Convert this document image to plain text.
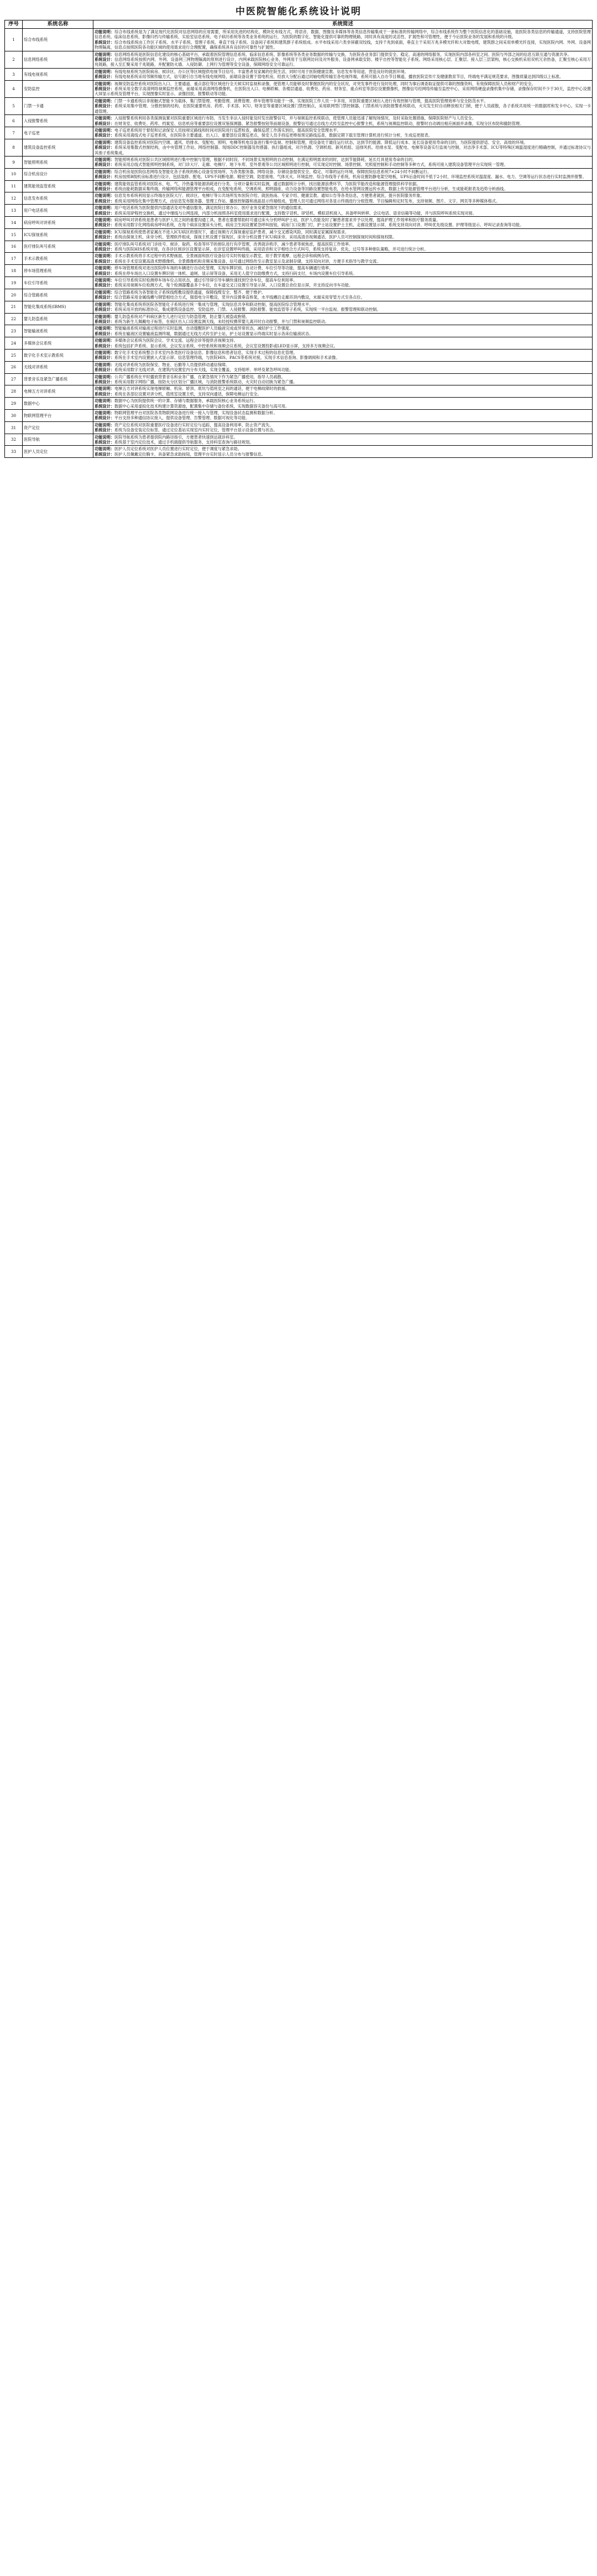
中医院智能化系统设计说明
序号	系统名称	系统简述
1	综合布线系统	功能说明：综合布线系统是为了满足现代化医院对信息网络的应用需要，所采用先进的结构化、模块化布线方式，将语音、数据、图像及多媒体等各类信息传输集成于一套标准的传输网络中，综合布线系统作为整个医院信息化的基础设施，是医院各类信息的传输通道，支持医院管理信息系统、临床信息系统、影像归档与传输系统、实验室信息系统、电子病历系统等各类业务系统的运行，为医院的数字化、智能化提供可靠的物理链路，同时具有高度的灵活性、扩展性和可管理性，便于今后医院业务的发展和系统的升级。
系统设计：综合布线系统由工作区子系统、水平子系统、管理子系统、垂直干线子系统、设备间子系统和建筑群子系统组成。水平布线采用六类非屏蔽双绞线，支持千兆到桌面，垂直主干采用万兆多模光纤和大对数电缆，建筑群之间采用单模光纤连接，实现医院内网、外网、设备网物理隔离，信息点按照医院各功能区域的使用需求进行合理配置，确保系统具有良好的可靠性与扩展性。

2	信息网络系统	功能说明：信息网络系统是医院信息化建设的核心基础平台，承载着医院管理信息系统、临床信息系统、影像系统等各类业务数据的传输与交换，为医院各业务部门提供安全、稳定、高速的网络服务，实现医院内部各科室之间、医院与外部之间的信息互联互通与资源共享。
系统设计：信息网络系统按照内网、外网、设备网三网物理隔离的原则进行设计，内网承载医院核心业务，外网用于互联网访问及对外服务，设备网承载安防、楼宇自控等智能化子系统。网络采用核心层、汇聚层、接入层三层架构，核心交换机采用双机冗余热备，汇聚至核心采用万兆链路，接入至汇聚采用千兆链路，并配置防火墙、入侵防御、上网行为管理等安全设备，保障网络安全可靠运行。

3	有线电视系统	功能说明：有线电视系统为医院病房、候诊区、办公区等区域提供电视节目信号，丰富患者及家属的住院生活，同时可用于医院健康宣教、信息发布等用途，营造良好的就医环境。
系统设计：有线电视系统采用邻频传输方式，信号源引自当地有线电视网络，前端设备设置于弱电机房，经放大分配后通过同轴电缆传输至各电视终端，系统可插入自办节目频道，播放医院宣传片及健康教育节目，终端电平满足规范要求，图像质量达到四级以上标准。

4	安防监控	功能说明：视频安防监控系统对医院出入口、主要通道、重点部位等区域进行全天候实时监视和录像，使管理人员能够及时掌握医院内的安全状况，对突发事件进行及时处理，同时为事后调查取证提供可靠的图像资料，有效保障医院人员和财产的安全。
系统设计：系统采用全数字高清网络视频监控系统，前端采用高清网络摄像机，在医院出入口、电梯轿厢、各楼层通道、收费处、药房、财务室、重点科室等部位设置摄像机，图像信号经网络传输至监控中心，采用网络硬盘录像机集中存储，录像保存时间不少于30天，监控中心设置大屏显示系统及管理平台，实现图像实时显示、录像回放、报警联动等功能。

5	门禁一卡通	功能说明：门禁一卡通系统以非接触式智能卡为载体，集门禁管理、考勤管理、消费管理、停车管理等功能于一体，实现医院工作人员一卡多用，对医院重要区域出入进行有效控制与管理，提高医院管理效率与安全防范水平。
系统设计：系统采用集中管理、分散控制的结构，在医院重要机房、药库、手术部、ICU、财务室等重要区域设置门禁控制点，采用联网型门禁控制器，门禁系统与消防报警系统联动，火灾发生时自动释放相关门锁，便于人员疏散，各子系统共用统一的数据库和发卡中心，实现一卡通管理。

6	入侵报警系统	功能说明：入侵报警系统利用各类探测装置对医院重要区域进行布防，当发生非法入侵时能及时发出报警信号，并与视频监控系统联动，使管理人员能迅速了解现场情况，及时采取处置措施，保障医院财产与人员安全。
系统设计：在财务室、收费处、药库、档案室、信息机房等重要部位设置双鉴探测器、紧急报警按钮等前端设备，报警信号通过总线方式传至监控中心报警主机，系统与视频监控联动，报警时自动调出相应画面并录像，实现分区布防和撤防管理。

7	电子巡更	功能说明：电子巡更系统用于督促和记录保安人员按规定路线和时间对医院进行巡逻检查，确保巡逻工作落实到位，提高医院安全管理水平。
系统设计：系统采用离线式电子巡更系统，在医院各主要通道、出入口、重要部位设置巡更点，保安人员手持巡更棒按预定路线巡查，数据定期下载至管理计算机进行统计分析，生成巡更报表。

8	建筑设备监控系统	功能说明：建筑设备监控系统对医院内空调、通风、给排水、变配电、照明、电梯等机电设备进行集中监视、控制和管理，使设备处于最佳运行状态，达到节约能源、降低运行成本、延长设备使用寿命的目的，为医院提供舒适、安全、高效的环境。
系统设计：系统采用集散式控制结构，由中央管理工作站、网络控制器、现场DDC控制器及传感器、执行器组成，对冷热源、空调机组、新风机组、送排风机、给排水泵、变配电、电梯等设备实行监视与控制，对洁净手术部、ICU等特殊区域温湿度进行精确控制，并通过标准协议与其他子系统集成。

9	智能照明系统	功能说明：智能照明系统对医院公共区域照明进行集中控制与管理，根据不同时段、不同场景实现照明的自动控制，在满足照明需求的同时，达到节能降耗、延长灯具使用寿命的目的。
系统设计：系统采用总线式智能照明控制系统，对门诊大厅、走廊、电梯厅、地下车库、室外景观等公共区域照明进行控制，可实现定时控制、场景控制、光照度控制和手动控制等多种方式，系统可接入建筑设备管理平台实现统一管理。

10	综合机房设计	功能说明：综合机房是医院信息网络及智能化各子系统的核心设备安放场所，为各类服务器、网络设备、存储设备提供安全、稳定、可靠的运行环境，保障医院信息系统7×24小时不间断运行。
系统设计：机房按照B级机房标准进行设计，包括装修、配电、UPS不间断电源、精密空调、防雷接地、气体灭火、环境监控、综合布线等子系统，机房设置防静电架空地板，UPS后备时间不低于2小时，环境监控系统对温湿度、漏水、电力、空调等运行状态进行实时监测并报警。

11	建筑能效监管系统	功能说明：建筑能效监管系统对医院水、电、气、冷热量等能源消耗进行分类、分项计量和实时监测，通过数据统计分析，找出能源浪费环节，为医院节能改造和能源管理提供科学依据。
系统设计：系统由能耗数据采集终端、传输网络和能源管理平台组成，在变配电系统、空调系统、照明插座、动力设备等回路设置智能电表，在给水管网设置远传水表，数据上传至能源管理平台进行分析，生成能耗报表及趋势分析曲线。

12	信息发布系统	功能说明：信息发布系统利用显示终端在医院大厅、候诊区、电梯厅等公共场所发布医院介绍、就医指南、专家介绍、健康宣教、通知公告等各类信息，方便患者就医，提升医院服务形象。
系统设计：系统采用网络化集中管理方式，由信息发布服务器、管理工作站、播放控制器和液晶显示终端组成，管理人员可通过网络对各显示终端进行分组管理、节目编辑和定时发布，支持视频、图片、文字、网页等多种媒体格式。

13	用户电话系统	功能说明：用户电话系统为医院提供内部通话及对外通信服务，满足医院日常办公、医疗业务及紧急情况下的通信需求。
系统设计：系统采用IP程控交换机，通过中继线与公网连接，内部分机按照各科室使用需求进行配置，支持数字话机、IP话机、模拟话机接入，具备呼叫转移、会议电话、语音信箱等功能，并与医院呼叫系统实现对接。

14	病房呼叫对讲系统	功能说明：病房呼叫对讲系统是患者与医护人员之间的重要沟通工具，患者在需要帮助时可通过床头分机呼叫护士站，医护人员能及时了解患者需求并予以处理，提高护理工作效率和医疗服务质量。
系统设计：系统采用数字化网络病房呼叫系统，在每个病床设置床头分机，病房卫生间设置紧急呼叫按钮，病房门口设置门灯，护士站设置护士主机，走廊设置显示屏，系统支持双向对讲、呼叫优先级设置、护理等级显示、呼叫记录查询等功能。

15	ICU探视系统	功能说明：ICU探视系统使患者家属在不进入ICU病区的情况下，通过视频方式探视重症监护患者，减少交叉感染风险，同时满足家属探视需求。
系统设计：系统由探视主机、床旁分机、管理软件组成，探视主机设置于探视区，床旁分机设置于ICU病床旁，采用高清音视频通话，医护人员可控制探视时间和探视权限。

16	医疗排队叫号系统	功能说明：医疗排队叫号系统对门诊挂号、候诊、取药、检查等环节的排队进行有序管理，改善就诊秩序，减少患者等候焦虑，提高医院工作效率。
系统设计：系统与医院HIS系统对接，在各诊区候诊区设置显示屏，在诊室设置呼叫终端，采用语音和文字相结合方式叫号，系统支持复诊、优先、过号等多种排队策略，并可进行统计分析。

17	手术示教系统	功能说明：手术示教系统将手术过程中的术野画面、全景画面和医疗设备信号实时传输至示教室，用于教学观摩、远程会诊和病例存档。
系统设计：系统在手术室设置高清术野摄像机、全景摄像机和音频采集设备，信号通过网络传至示教室显示及录制存储，支持双向对讲，方便手术指导与教学交流。

18	停车场管理系统	功能说明：停车场管理系统对进出医院停车场的车辆进行自动化管理，实现车牌识别、自动计费、车位引导等功能，提高车辆通行效率。
系统设计：系统在停车场出入口设置车牌识别一体机、道闸、显示屏等设备，采用无人值守自助缴费方式，支持扫码支付，车场内设置车位引导系统。

19	车位引导系统	功能说明：车位引导系统实时检测停车场车位占用状态，通过引导屏引导车辆快速找到空余车位，提高车位利用率。
系统设计：系统采用视频车位检测方式，每个检测器覆盖多个车位，在车道交叉口设置引导显示屏，入口设置总余位显示屏，并支持反向寻车功能。

20	综合管路系统	功能说明：综合管路系统为各智能化子系统线缆敷设提供通道，保障线缆安全、整齐、便于维护。
系统设计：综合管路采用金属线槽与钢管相结合方式，强弱电分开敷设，竖井内设置垂直桥架，水平线槽沿走廊吊顶内敷设，末端采用穿管方式至各点位。

21	智能化集成系统(IBMS)	功能说明：智能化集成系统将医院各智能化子系统进行统一集成与管理，实现信息共享和联动控制，提高医院综合管理水平。
系统设计：系统采用开放的标准协议，集成建筑设备监控、安防监控、门禁、入侵报警、消防报警、能效监管等子系统，实现统一平台监视、报警管理和联动控制。

22	婴儿防盗系统	功能说明：婴儿防盗系统对产科病区新生儿进行定位与防盗管理，防止婴儿被盗或抱错。
系统设计：系统为新生儿佩戴电子标签，在病区出入口设置监测天线，未经授权携带婴儿离开时自动报警，并与门禁和视频监控联动。

23	智能输液系统	功能说明：智能输液系统对输液过程进行实时监测，自动提醒医护人员输液完成或异常状态，减轻护士工作强度。
系统设计：系统在输液区设置输液监测终端，数据通过无线方式传至护士站，护士站设置显示终端实时显示各床位输液状态。

24	多媒体会议系统	功能说明：多媒体会议系统为医院会议、学术交流、远程会诊等提供音视频支持。
系统设计：系统包括扩声系统、显示系统、会议发言系统、中控系统和视频会议系统，会议室设置投影或LED显示屏，支持多方视频会议。

25	数字化手术室示教系统	功能说明：数字化手术室系统整合手术室内各类医疗设备信息、影像信息和患者信息，实现手术过程的信息化管理。
系统设计：系统在手术室内设置嵌入式显示屏、信息管理终端，与医院HIS、PACS等系统对接，实现手术信息查询、影像调阅和手术录像。

26	无线对讲系统	功能说明：无线对讲系统为医院保安、物业、后勤等人员提供移动通信保障。
系统设计：系统采用数字无线对讲，在建筑内设置室内分布天线，实现全覆盖，支持组呼、单呼及紧急呼叫功能。

27	背景音乐及紧急广播系统	功能说明：公共广播系统在平时播放背景音乐和业务广播，在紧急情况下作为紧急广播使用，指导人员疏散。
系统设计：系统采用数字网络广播，按防火分区划分广播区域，与消防报警系统联动，火灾时自动切换为紧急广播。

28	电梯五方对讲系统	功能说明：电梯五方对讲系统实现电梯轿厢、机房、轿顶、底坑与值班室之间的通话，便于电梯故障时的救援。
系统设计：系统在各部位设置对讲分机，值班室设置主机，支持双向通话，保障电梯运行安全。

29	数据中心	功能说明：数据中心为医院提供统一的计算、存储与数据服务，承载医院核心业务系统运行。
系统设计：数据中心采用虚拟化技术构建计算资源池，配置集中存储与备份系统，实现数据容灾备份与高可用。

30	物联网管理平台	功能说明：物联网管理平台对医院各类物联网设备进行统一接入与管理，实现设备状态监测和数据分析。
系统设计：平台支持多种通信协议接入，提供设备管理、告警管理、数据可视化等功能。

31	资产定位	功能说明：资产定位系统对医院重要医疗设备进行实时定位与追踪，提高设备利用率，防止资产流失。
系统设计：系统为设备安装定位标签，通过定位基站实现室内实时定位，管理平台显示设备位置与状态。

32	医院导航	功能说明：医院导航系统为患者提供院内路径指引，方便患者快速到达就诊科室。
系统设计：系统基于室内定位技术，通过手机端提供导航服务，支持科室查询与路径规划。

33	医护人员定位	功能说明：医护人员定位系统对医护人员位置进行实时定位，便于调度与紧急求助。
系统设计：医护人员佩戴定位胸卡，具备紧急求助按钮，管理平台实时显示人员分布与报警信息。
